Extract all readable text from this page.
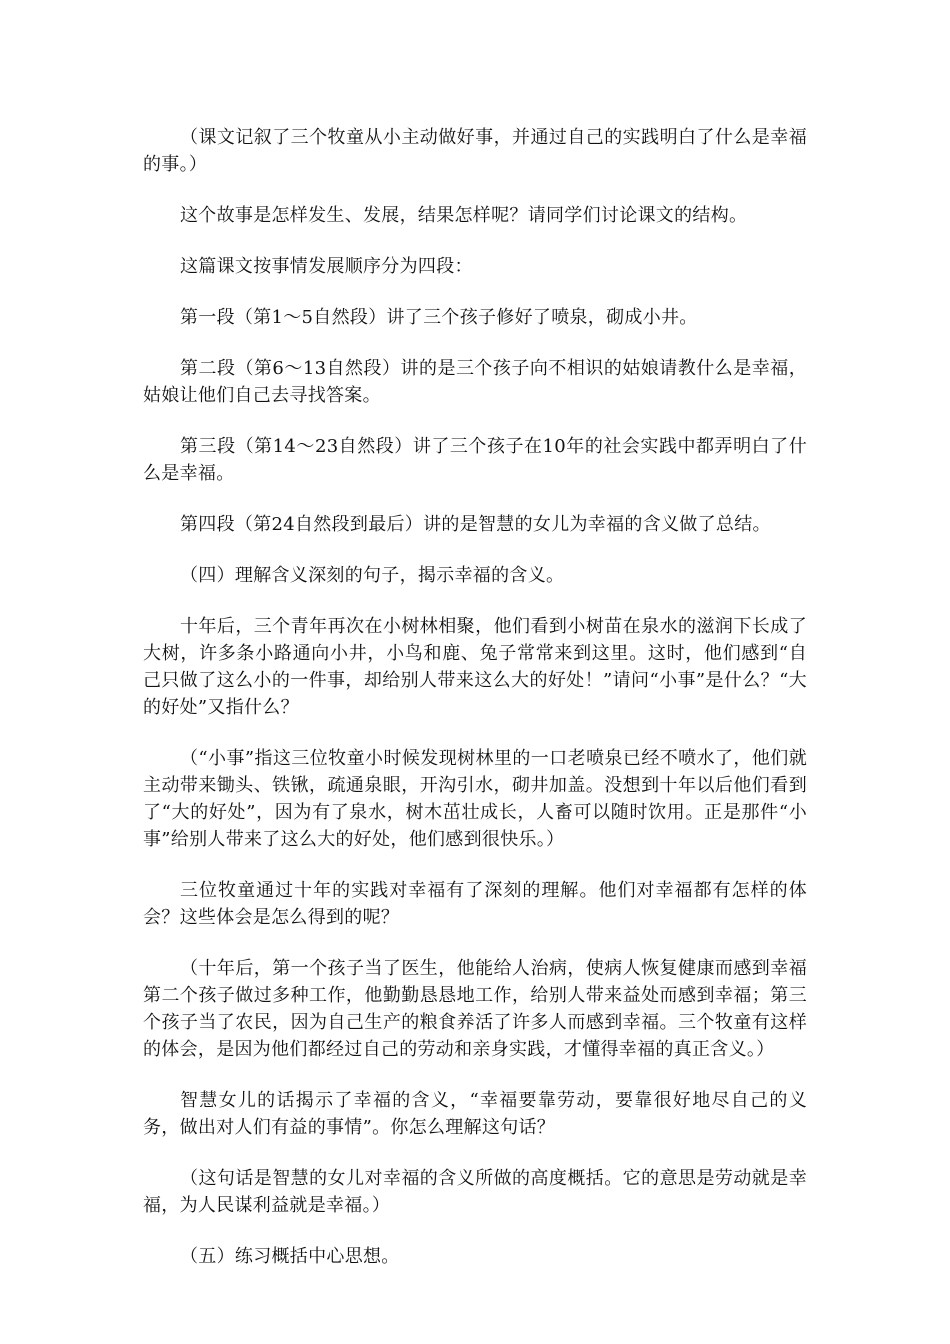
（课文记叙了三个牧童从小主动做好事，并通过自己的实践明白了什么是幸福的事。）

这个故事是怎样发生、发展，结果怎样呢？请同学们讨论课文的结构。

这篇课文按事情发展顺序分为四段：

第一段（第1～5自然段）讲了三个孩子修好了喷泉，砌成小井。

第二段（第6～13自然段）讲的是三个孩子向不相识的姑娘请教什么是幸福，姑娘让他们自己去寻找答案。

第三段（第14～23自然段）讲了三个孩子在10年的社会实践中都弄明白了什么是幸福。

第四段（第24自然段到最后）讲的是智慧的女儿为幸福的含义做了总结。

（四）理解含义深刻的句子，揭示幸福的含义。

十年后，三个青年再次在小树林相聚，他们看到小树苗在泉水的滋润下长成了大树，许多条小路通向小井，小鸟和鹿、兔子常常来到这里。这时，他们感到“自己只做了这么小的一件事，却给别人带来这么大的好处！”请问“小事”是什么？“大的好处”又指什么？

（“小事”指这三位牧童小时候发现树林里的一口老喷泉已经不喷水了，他们就主动带来锄头、铁锹，疏通泉眼，开沟引水，砌井加盖。没想到十年以后他们看到了“大的好处”，因为有了泉水，树木茁壮成长，人畜可以随时饮用。正是那件“小事”给别人带来了这么大的好处，他们感到很快乐。）

三位牧童通过十年的实践对幸福有了深刻的理解。他们对幸福都有怎样的体会？这些体会是怎么得到的呢？

（十年后，第一个孩子当了医生，他能给人治病，使病人恢复健康而感到幸福第二个孩子做过多种工作，他勤勤恳恳地工作，给别人带来益处而感到幸福；第三个孩子当了农民，因为自己生产的粮食养活了许多人而感到幸福。三个牧童有这样的体会，是因为他们都经过自己的劳动和亲身实践，才懂得幸福的真正含义。）

智慧女儿的话揭示了幸福的含义，“幸福要靠劳动，要靠很好地尽自己的义务，做出对人们有益的事情”。你怎么理解这句话？

（这句话是智慧的女儿对幸福的含义所做的高度概括。它的意思是劳动就是幸福，为人民谋利益就是幸福。）

（五）练习概括中心思想。
